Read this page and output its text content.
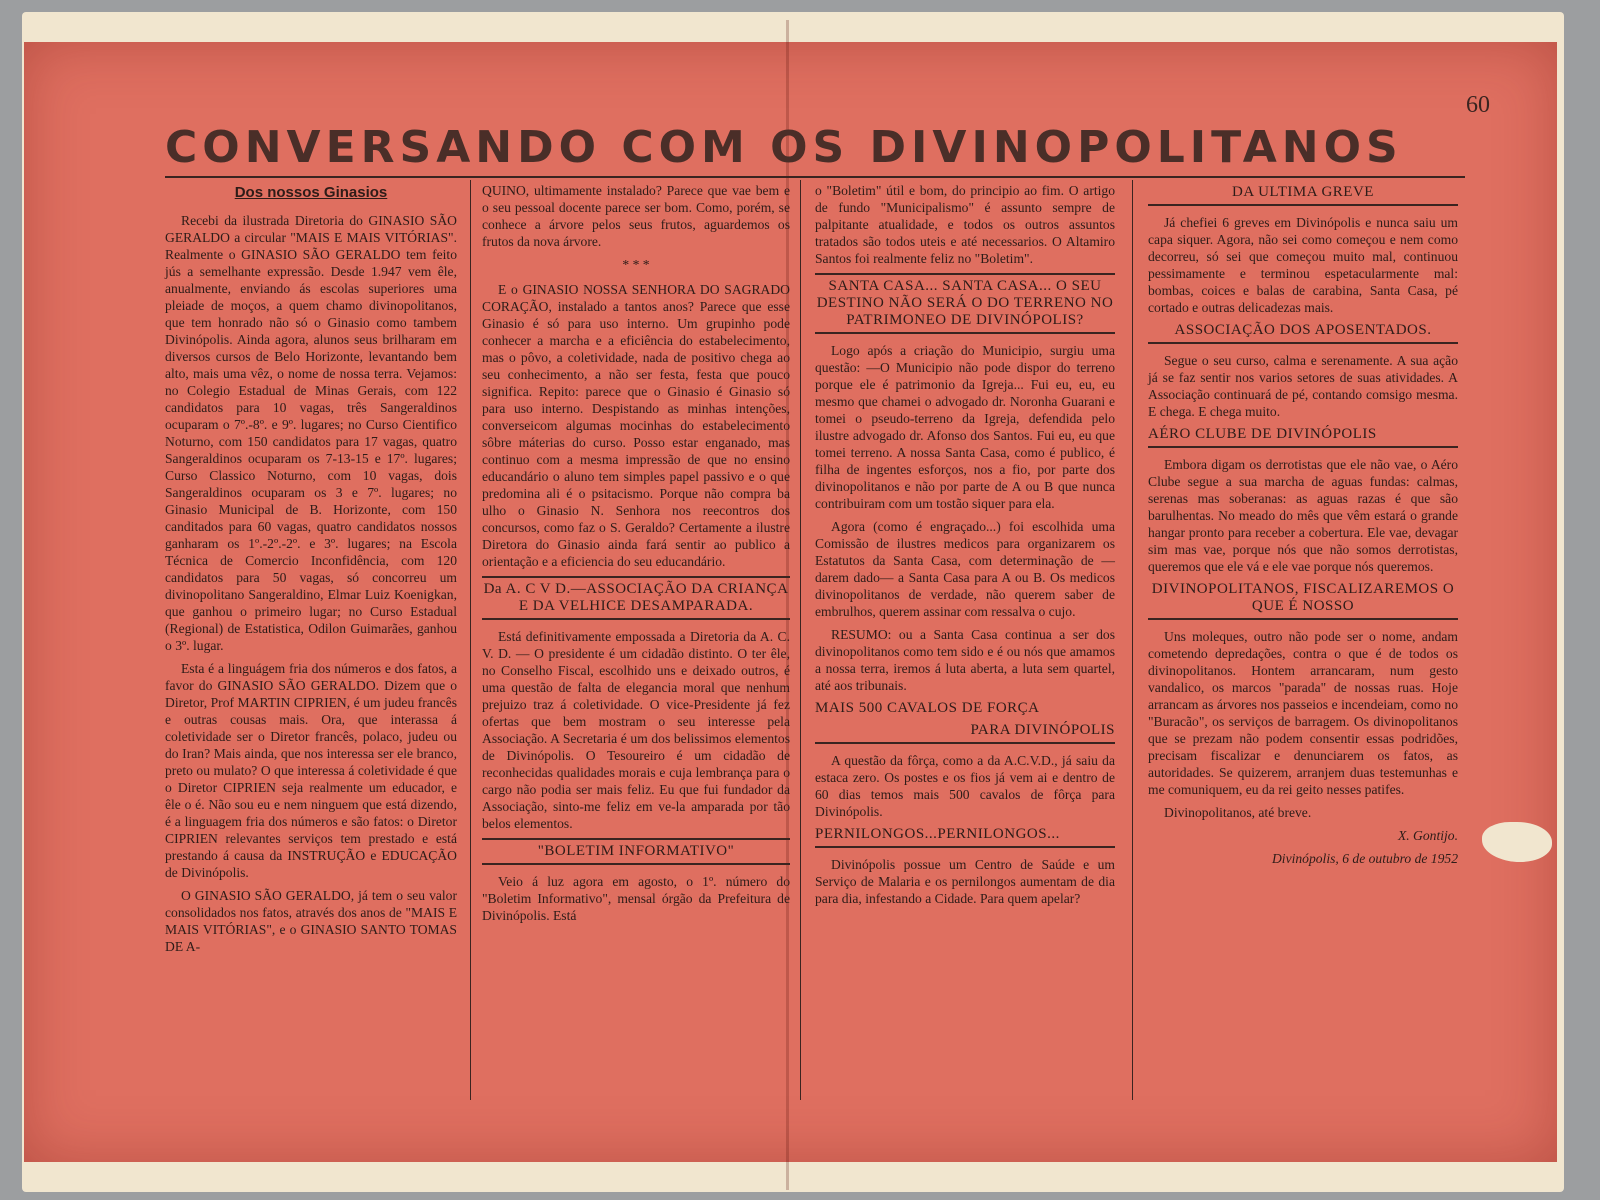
60
CONVERSANDO COM OS DIVINOPOLITANOS
Dos nossos Ginasios

Recebi da ilustrada Diretoria do GINASIO SÃO GERALDO a circular "MAIS E MAIS VITÓRIAS". Realmente o GINASIO SÃO GERALDO tem feito jús a semelhante expressão. Desde 1.947 vem êle, anualmente, enviando ás escolas superiores uma pleiade de moços, a quem chamo divinopolitanos, que tem honrado não só o Ginasio como tambem Divinópolis. Ainda agora, alunos seus brilharam em diversos cursos de Belo Horizonte, levantando bem alto, mais uma vêz, o nome de nossa terra. Vejamos: no Colegio Estadual de Minas Gerais, com 122 candidatos para 10 vagas, três Sangeraldinos ocuparam o 7º.-8º. e 9º. lugares; no Curso Cientifico Noturno, com 150 candidatos para 17 vagas, quatro Sangeraldinos ocuparam os 7-13-15 e 17º. lugares; Curso Classico Noturno, com 10 vagas, dois Sangeraldinos ocuparam os 3 e 7º. lugares; no Ginasio Municipal de B. Horizonte, com 150 canditados para 60 vagas, quatro candidatos nossos ganharam os 1º.-2º.-2º. e 3º. lugares; na Escola Técnica de Comercio Inconfidência, com 120 candidatos para 50 vagas, só concorreu um divinopolitano Sangeraldino, Elmar Luiz Koenigkan, que ganhou o primeiro lugar; no Curso Estadual (Regional) de Estatistica, Odilon Guimarães, ganhou o 3º. lugar.

Esta é a linguágem fria dos números e dos fatos, a favor do GINASIO SÃO GERALDO. Dizem que o Diretor, Prof MARTIN CIPRIEN, é um judeu francês e outras cousas mais. Ora, que interassa á coletividade ser o Diretor francês, polaco, judeu ou do Iran? Mais ainda, que nos interessa ser ele branco, preto ou mulato? O que interessa á coletividade é que o Diretor CIPRIEN seja realmente um educador, e êle o é. Não sou eu e nem ninguem que está dizendo, é a linguagem fria dos números e são fatos: o Diretor CIPRIEN relevantes serviços tem prestado e está prestando á causa da INSTRUÇÃO e EDUCAÇÃO de Divinópolis.

O GINASIO SÃO GERALDO, já tem o seu valor consolidados nos fatos, através dos anos de "MAIS E MAIS VITÓRIAS", e o GINASIO SANTO TOMAS DE A-

QUINO, ultimamente instalado? Parece que vae bem e o seu pessoal docente parece ser bom. Como, porém, se conhece a árvore pelos seus frutos, aguardemos os frutos da nova árvore.

* * *

E o GINASIO NOSSA SENHORA DO SAGRADO CORAÇÃO, instalado a tantos anos? Parece que esse Ginasio é só para uso interno. Um grupinho pode conhecer a marcha e a eficiência do estabelecimento, mas o pôvo, a coletividade, nada de positivo chega ao seu conhecimento, a não ser festa, festa que pouco significa. Repito: parece que o Ginasio é Ginasio só para uso interno. Despistando as minhas intenções, converseicom algumas mocinhas do estabelecimento sôbre máterias do curso. Posso estar enganado, mas continuo com a mesma impressão de que no ensino educandário o aluno tem simples papel passivo e o que predomina ali é o psitacismo. Porque não compra ba ulho o Ginasio N. Senhora nos reecontros dos concursos, como faz o S. Geraldo? Certamente a ilustre Diretora do Ginasio ainda fará sentir ao publico a orientação e a eficiencia do seu educandário.

Da A. C V D.—ASSOCIAÇÃO DA CRIANÇA E DA VELHICE DESAMPARADA.

Está definitivamente empossada a Diretoria da A. C. V. D. — O presidente é um cidadão distinto. O ter êle, no Conselho Fiscal, escolhido uns e deixado outros, é uma questão de falta de elegancia moral que nenhum prejuizo traz á coletividade. O vice-Presidente já fez ofertas que bem mostram o seu interesse pela Associação. A Secretaria é um dos belissimos elementos de Divinópolis. O Tesoureiro é um cidadão de reconhecidas qualidades morais e cuja lembrança para o cargo não podia ser mais feliz. Eu que fui fundador da Associação, sinto-me feliz em ve-la amparada por tão belos elementos.

"BOLETIM INFORMATIVO"

Veio á luz agora em agosto, o 1º. número do "Boletim Informativo", mensal órgão da Prefeitura de Divinópolis. Está

o "Boletim" útil e bom, do principio ao fim. O artigo de fundo "Municipalismo" é assunto sempre de palpitante atualidade, e todos os outros assuntos tratados são todos uteis e até necessarios. O Altamiro Santos foi realmente feliz no "Boletim".

SANTA CASA... SANTA CASA... O SEU DESTINO NÃO SERÁ O DO TERRENO NO PATRIMONEO DE DIVINÓPOLIS?

Logo após a criação do Municipio, surgiu uma questão: —O Municipio não pode dispor do terreno porque ele é patrimonio da Igreja... Fui eu, eu, eu mesmo que chamei o advogado dr. Noronha Guarani e tomei o pseudo-terreno da Igreja, defendida pelo ilustre advogado dr. Afonso dos Santos. Fui eu, eu que tomei terreno. A nossa Santa Casa, como é publico, é filha de ingentes esforços, nos a fio, por parte dos divinopolitanos e não por parte de A ou B que nunca contribuiram com um tostão siquer para ela.

Agora (como é engraçado...) foi escolhida uma Comissão de ilustres medicos para organizarem os Estatutos da Santa Casa, com determinação de —darem dado— a Santa Casa para A ou B. Os medicos divinopolitanos de verdade, não querem saber de embrulhos, querem assinar com ressalva o cujo.

RESUMO: ou a Santa Casa continua a ser dos divinopolitanos como tem sido e é ou nós que amamos a nossa terra, iremos á luta aberta, a luta sem quartel, até aos tribunais.

MAIS 500 CAVALOS DE FORÇA
PARA DIVINÓPOLIS

A questão da fôrça, como a da A.C.V.D., já saiu da estaca zero. Os postes e os fios já vem ai e dentro de 60 dias temos mais 500 cavalos de fôrça para Divinópolis.

PERNILONGOS...PERNILONGOS...

Divinópolis possue um Centro de Saúde e um Serviço de Malaria e os pernilongos aumentam de dia para dia, infestando a Cidade. Para quem apelar?

DA ULTIMA GREVE

Já chefiei 6 greves em Divinópolis e nunca saiu um capa siquer. Agora, não sei como começou e nem como decorreu, só sei que começou muito mal, continuou pessimamente e terminou espetacularmente mal: bombas, coices e balas de carabina, Santa Casa, pé cortado e outras delicadezas mais.

ASSOCIAÇÃO DOS APOSENTADOS.

Segue o seu curso, calma e serenamente. A sua ação já se faz sentir nos varios setores de suas atividades. A Associação continuará de pé, contando comsigo mesma. E chega. E chega muito.

AÉRO CLUBE DE DIVINÓPOLIS

Embora digam os derrotistas que ele não vae, o Aéro Clube segue a sua marcha de aguas fundas: calmas, serenas mas soberanas: as aguas razas é que são barulhentas. No meado do mês que vêm estará o grande hangar pronto para receber a cobertura. Ele vae, devagar sim mas vae, porque nós que não somos derrotistas, queremos que ele vá e ele vae porque nós queremos.

DIVINOPOLITANOS, FISCALIZAREMOS O QUE É NOSSO

Uns moleques, outro não pode ser o nome, andam cometendo depredações, contra o que é de todos os divinopolitanos. Hontem arrancaram, num gesto vandalico, os marcos "parada" de nossas ruas. Hoje arrancam as árvores nos passeios e incendeiam, como no "Buracão", os serviços de barragem. Os divinopolitanos que se prezam não podem consentir essas podridões, precisam fiscalizar e denunciarem os fatos, as autoridades. Se quizerem, arranjem duas testemunhas e me comuniquem, eu da rei geito nesses patifes.

Divinopolitanos, até breve.

X. Gontijo.

Divinópolis, 6 de outubro de 1952
